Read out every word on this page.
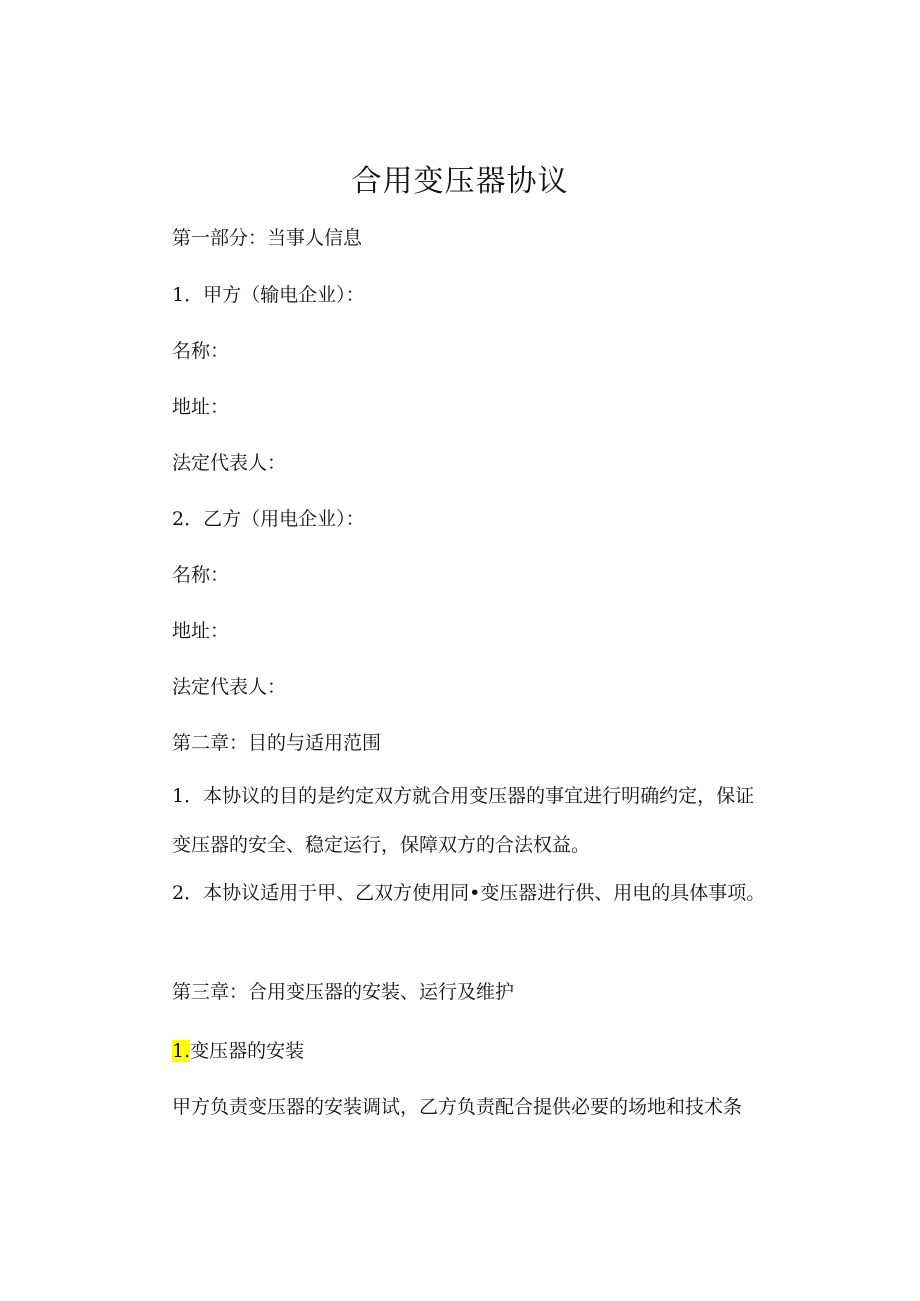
合用变压器协议
第一部分：当事人信息
1．甲方（输电企业）：
名称：
地址：
法定代表人：
2．乙方（用电企业）：
名称：
地址：
法定代表人：
第二章：目的与适用范围
1．本协议的目的是约定双方就合用变压器的事宜进行明确约定，保证变压器的安全、稳定运行，保障双方的合法权益。
2．本协议适用于甲、乙双方使用同•变压器进行供、用电的具体事项。
第三章：合用变压器的安装、运行及维护
1.变压器的安装
甲方负责变压器的安装调试，乙方负责配合提供必要的场地和技术条
